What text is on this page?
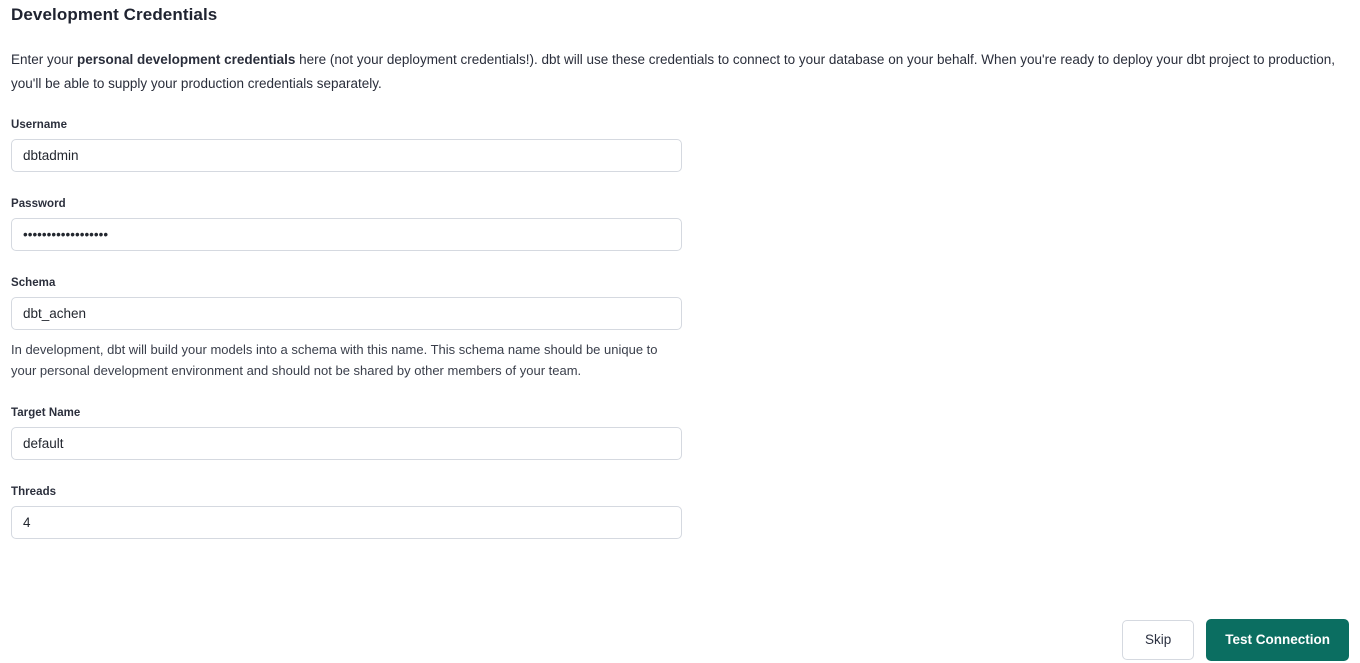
Development Credentials

Enter your personal development credentials here (not your deployment credentials!). dbt will use these credentials to connect to your database on your behalf. When you're ready to deploy your dbt project to production, you'll be able to supply your production credentials separately.

Username
dbtadmin
Password
••••••••••••••••••
Schema
dbt_achen

In development, dbt will build your models into a schema with this name. This schema name should be unique to your personal development environment and should not be shared by other members of your team.

Target Name
default
Threads
4
Skip	Test Connection
